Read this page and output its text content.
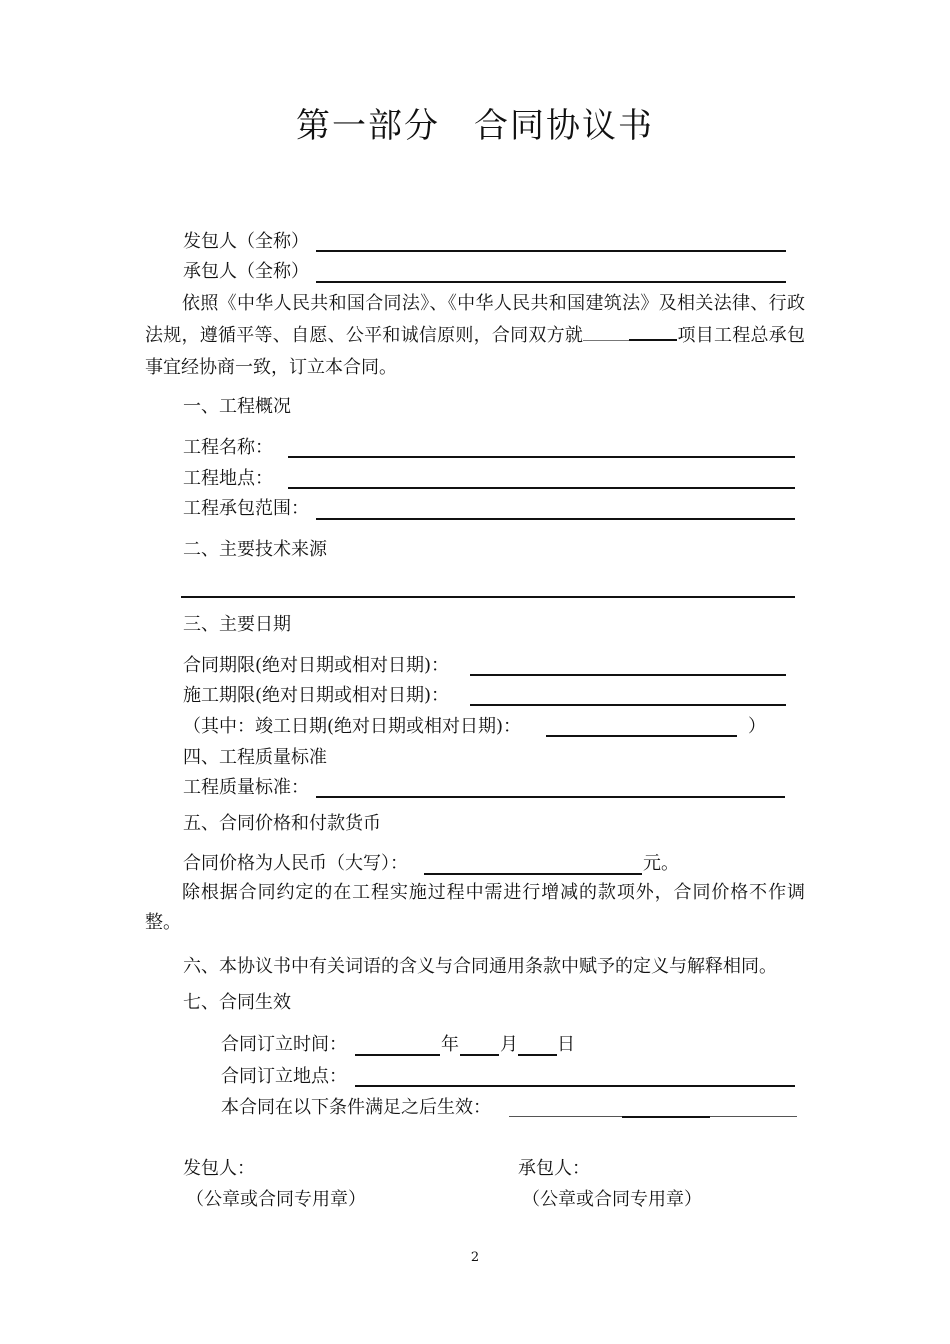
第一部分 合同协议书
发包人（全称）
承包人（全称）
依照《中华人民共和国合同法》、《中华人民共和国建筑法》及相关法律、行政法规，遵循平等、自愿、公平和诚信原则，合同双方就	项目工程总承包事宜经协商一致，订立本合同。
一、工程概况
工程名称：
工程地点：
工程承包范围：
二、主要技术来源
三、主要日期
合同期限(绝对日期或相对日期)：
施工期限(绝对日期或相对日期)：
（其中：竣工日期(绝对日期或相对日期)：	）
四、工程质量标准
工程质量标准：
五、合同价格和付款货币
合同价格为人民币（大写）：	元。
除根据合同约定的在工程实施过程中需进行增减的款项外，合同价格不作调整。
六、本协议书中有关词语的含义与合同通用条款中赋予的定义与解释相同。
七、合同生效
合同订立时间：	年 月 日
合同订立地点：
本合同在以下条件满足之后生效：
发包人：
（公章或合同专用章）
承包人：
（公章或合同专用章）
2
